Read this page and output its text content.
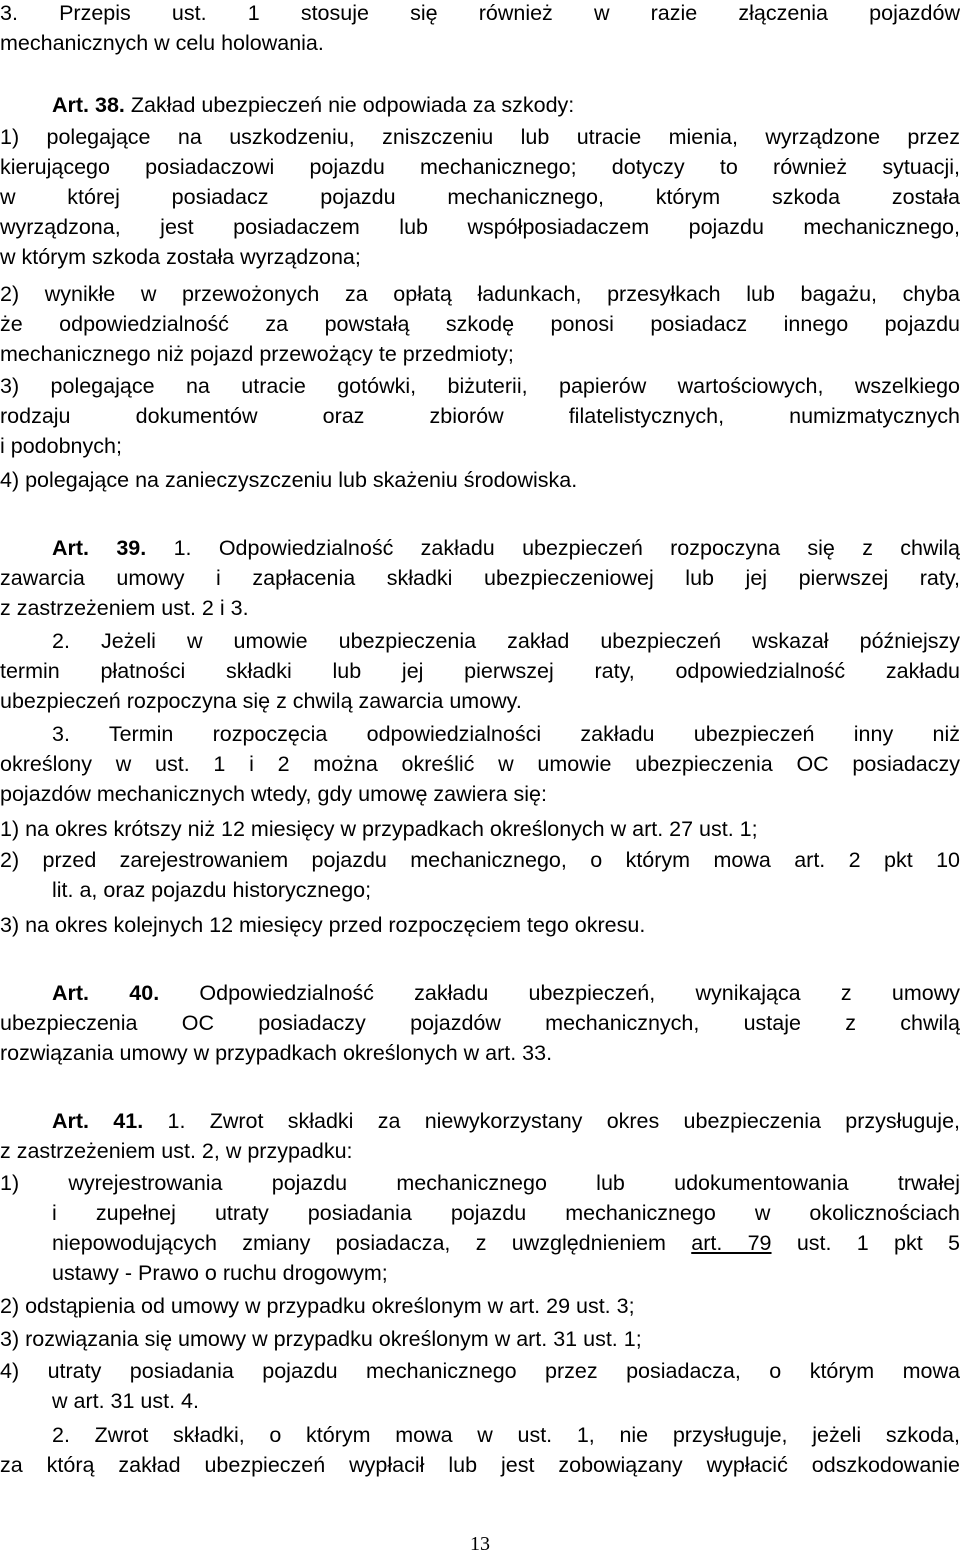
3. Przepis ust. 1 stosuje się również w razie złączenia pojazdów
mechanicznych w celu holowania.
Art. 38. Zakład ubezpieczeń nie odpowiada za szkody:
1) polegające na uszkodzeniu, zniszczeniu lub utracie mienia, wyrządzone przez
kierującego posiadaczowi pojazdu mechanicznego; dotyczy to również sytuacji,
w której posiadacz pojazdu mechanicznego, którym szkoda została
wyrządzona, jest posiadaczem lub współposiadaczem pojazdu mechanicznego,
w którym szkoda została wyrządzona;
2) wynikłe w przewożonych za opłatą ładunkach, przesyłkach lub bagażu, chyba
że odpowiedzialność za powstałą szkodę ponosi posiadacz innego pojazdu
mechanicznego niż pojazd przewożący te przedmioty;
3) polegające na utracie gotówki, biżuterii, papierów wartościowych, wszelkiego
rodzaju dokumentów oraz zbiorów filatelistycznych, numizmatycznych
i podobnych;
4) polegające na zanieczyszczeniu lub skażeniu środowiska.
Art. 39. 1. Odpowiedzialność zakładu ubezpieczeń rozpoczyna się z chwilą
zawarcia umowy i zapłacenia składki ubezpieczeniowej lub jej pierwszej raty,
z zastrzeżeniem ust. 2 i 3.
2. Jeżeli w umowie ubezpieczenia zakład ubezpieczeń wskazał późniejszy
termin płatności składki lub jej pierwszej raty, odpowiedzialność zakładu
ubezpieczeń rozpoczyna się z chwilą zawarcia umowy.
3. Termin rozpoczęcia odpowiedzialności zakładu ubezpieczeń inny niż
określony w ust. 1 i 2 można określić w umowie ubezpieczenia OC posiadaczy
pojazdów mechanicznych wtedy, gdy umowę zawiera się:
1) na okres krótszy niż 12 miesięcy w przypadkach określonych w art. 27 ust. 1;
2) przed zarejestrowaniem pojazdu mechanicznego, o którym mowa art. 2 pkt 10
lit. a, oraz pojazdu historycznego;
3) na okres kolejnych 12 miesięcy przed rozpoczęciem tego okresu.
Art. 40. Odpowiedzialność zakładu ubezpieczeń, wynikająca z umowy
ubezpieczenia OC posiadaczy pojazdów mechanicznych, ustaje z chwilą
rozwiązania umowy w przypadkach określonych w art. 33.
Art. 41. 1. Zwrot składki za niewykorzystany okres ubezpieczenia przysługuje,
z zastrzeżeniem ust. 2, w przypadku:
1) wyrejestrowania pojazdu mechanicznego lub udokumentowania trwałej
i zupełnej utraty posiadania pojazdu mechanicznego w okolicznościach
niepowodujących zmiany posiadacza, z uwzględnieniem art. 79 ust. 1 pkt 5
ustawy - Prawo o ruchu drogowym;
2) odstąpienia od umowy w przypadku określonym w art. 29 ust. 3;
3) rozwiązania się umowy w przypadku określonym w art. 31 ust. 1;
4) utraty posiadania pojazdu mechanicznego przez posiadacza, o którym mowa
w art. 31 ust. 4.
2. Zwrot składki, o którym mowa w ust. 1, nie przysługuje, jeżeli szkoda,
za którą zakład ubezpieczeń wypłacił lub jest zobowiązany wypłacić odszkodowanie
13
